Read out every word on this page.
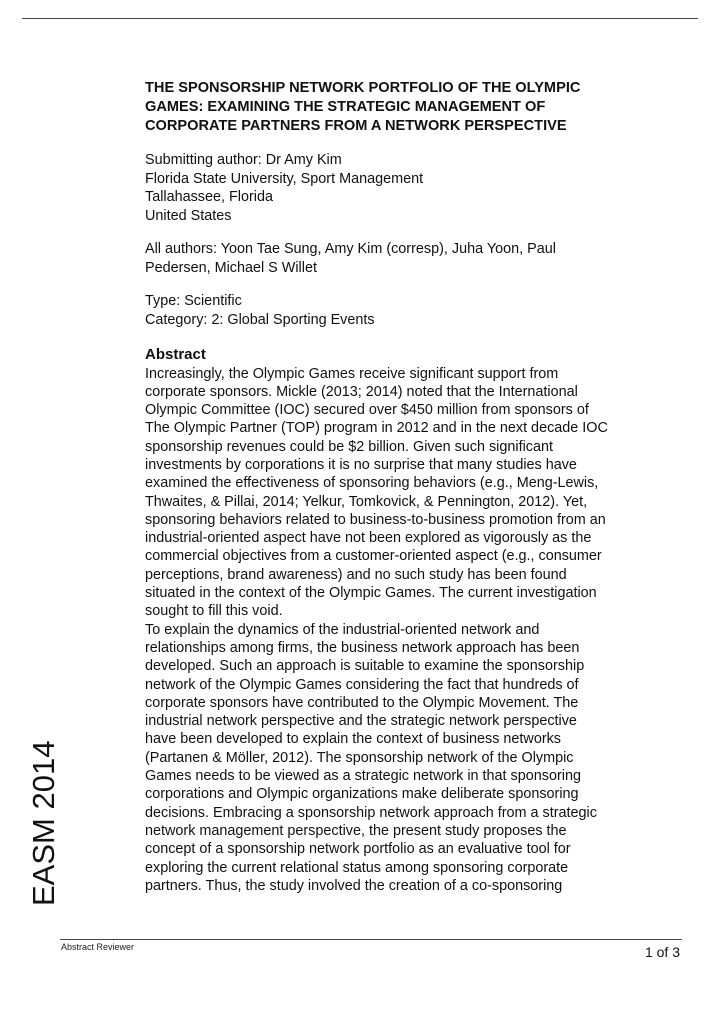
THE SPONSORSHIP NETWORK PORTFOLIO OF THE OLYMPIC
GAMES: EXAMINING THE STRATEGIC MANAGEMENT OF
CORPORATE PARTNERS FROM A NETWORK PERSPECTIVE
Submitting author: Dr Amy Kim
Florida State University, Sport Management
Tallahassee, Florida
United States
All authors: Yoon Tae Sung, Amy Kim (corresp), Juha Yoon, Paul
Pedersen, Michael S Willet
Type: Scientific
Category: 2: Global Sporting Events
Abstract
Increasingly, the Olympic Games receive significant support from
corporate sponsors. Mickle (2013; 2014) noted that the International
Olympic Committee (IOC) secured over $450 million from sponsors of
The Olympic Partner (TOP) program in 2012 and in the next decade IOC
sponsorship revenues could be $2 billion. Given such significant
investments by corporations it is no surprise that many studies have
examined the effectiveness of sponsoring behaviors (e.g., Meng-Lewis,
Thwaites, & Pillai, 2014; Yelkur, Tomkovick, & Pennington, 2012). Yet,
sponsoring behaviors related to business-to-business promotion from an
industrial-oriented aspect have not been explored as vigorously as the
commercial objectives from a customer-oriented aspect (e.g., consumer
perceptions, brand awareness) and no such study has been found
situated in the context of the Olympic Games. The current investigation
sought to fill this void.
To explain the dynamics of the industrial-oriented network and
relationships among firms, the business network approach has been
developed. Such an approach is suitable to examine the sponsorship
network of the Olympic Games considering the fact that hundreds of
corporate sponsors have contributed to the Olympic Movement. The
industrial network perspective and the strategic network perspective
have been developed to explain the context of business networks
(Partanen & Möller, 2012). The sponsorship network of the Olympic
Games needs to be viewed as a strategic network in that sponsoring
corporations and Olympic organizations make deliberate sponsoring
decisions. Embracing a sponsorship network approach from a strategic
network management perspective, the present study proposes the
concept of a sponsorship network portfolio as an evaluative tool for
exploring the current relational status among sponsoring corporate
partners. Thus, the study involved the creation of a co-sponsoring
EASM 2014
Abstract Reviewer	1 of 3
